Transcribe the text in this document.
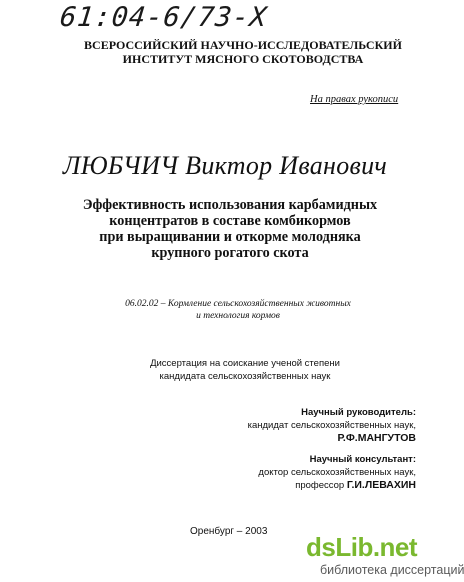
61:04-6/73-Х
ВСЕРОССИЙСКИЙ НАУЧНО-ИССЛЕДОВАТЕЛЬСКИЙ ИНСТИТУТ МЯСНОГО СКОТОВОДСТВА
На правах рукописи
ЛЮБЧИЧ Виктор Иванович
Эффективность использования карбамидных
концентратов в составе комбикормов
при выращивании и откорме молодняка
крупного рогатого скота
06.02.02 – Кормление сельскохозяйственных животных
и технология кормов
Диссертация на соискание ученой степени
кандидата сельскохозяйственных наук
Научный руководитель:
кандидат сельскохозяйственных наук,
Р.Ф.МАНГУТОВ
Научный консультант:
доктор сельскохозяйственных наук,
профессор Г.И.ЛЕВАХИН
Оренбург – 2003
dsLib.net
библиотека диссертаций
